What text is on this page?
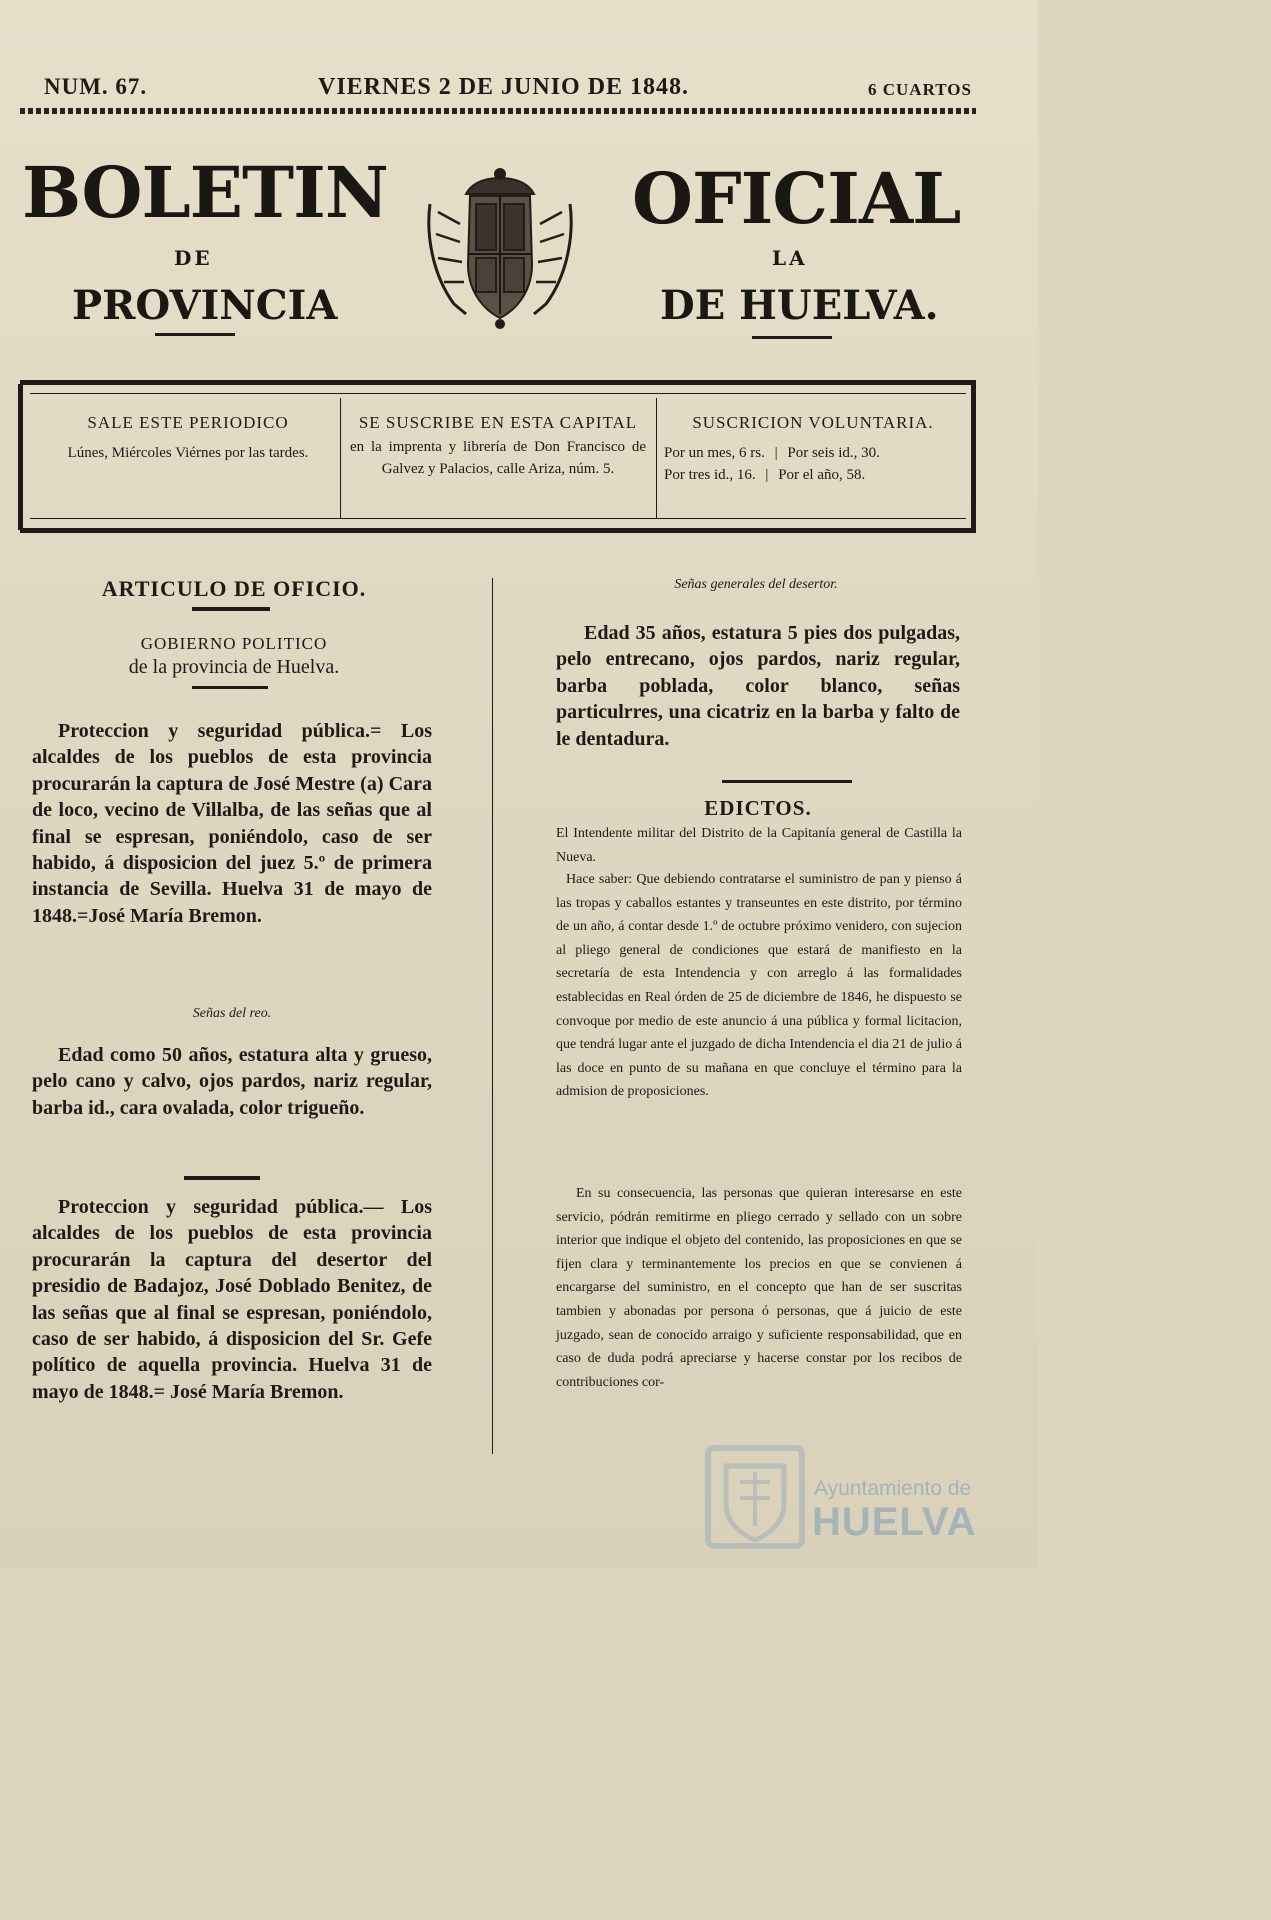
NUM. 67.	VIERNES 2 DE JUNIO DE 1848.	6 CUARTOS
BOLETIN	OFICIAL
DE	LA
PROVINCIA	DE HUELVA.
SALE ESTE PERIODICO
Lúnes, Miércoles Viérnes por las tardes.
SE SUSCRIBE EN ESTA CAPITAL
en la imprenta y librería de Don Francisco de Galvez y Palacios, calle Ariza, núm. 5.
SUSCRICION VOLUNTARIA.
Por un mes, 6 rs. | Por seis id., 30.
Por tres id., 16. | Por el año, 58.
ARTICULO DE OFICIO.
GOBIERNO POLITICO
de la provincia de Huelva.
Proteccion y seguridad pública.= Los alcaldes de los pueblos de esta provincia procurarán la captura de José Mestre (a) Cara de loco, vecino de Villalba, de las señas que al final se espresan, poniéndolo, caso de ser habido, á disposicion del juez 5.º de primera instancia de Sevilla. Huelva 31 de mayo de 1848.=José María Bremon.
Señas del reo.
Edad como 50 años, estatura alta y grueso, pelo cano y calvo, ojos pardos, nariz regular, barba id., cara ovalada, color trigueño.
Proteccion y seguridad pública.— Los alcaldes de los pueblos de esta provincia procurarán la captura del desertor del presidio de Badajoz, José Doblado Benitez, de las señas que al final se espresan, poniéndolo, caso de ser habido, á disposicion del Sr. Gefe político de aquella provincia. Huelva 31 de mayo de 1848.= José María Bremon.
Señas generales del desertor.
Edad 35 años, estatura 5 pies dos pulgadas, pelo entrecano, ojos pardos, nariz regular, barba poblada, color blanco, señas particulrres, una cicatriz en la barba y falto de le dentadura.
EDICTOS.
El Intendente militar del Distrito de la Capitanía general de Castilla la Nueva.
Hace saber: Que debiendo contratarse el suministro de pan y pienso á las tropas y caballos estantes y transeuntes en este distrito, por término de un año, á contar desde 1.º de octubre próximo venidero, con sujecion al pliego general de condiciones que estará de manifiesto en la secretaría de esta Intendencia y con arreglo á las formalidades establecidas en Real órden de 25 de diciembre de 1846, he dispuesto se convoque por medio de este anuncio á una pública y formal licitacion, que tendrá lugar ante el juzgado de dicha Intendencia el dia 21 de julio á las doce en punto de su mañana en que concluye el término para la admision de proposiciones.
En su consecuencia, las personas que quieran interesarse en este servicio, pódrán remitirme en pliego cerrado y sellado con un sobre interior que indique el objeto del contenido, las proposiciones en que se fijen clara y terminantemente los precios en que se convienen á encargarse del suministro, en el concepto que han de ser suscritas tambien y abonadas por persona ó personas, que á juicio de este juzgado, sean de conocido arraigo y suficiente responsabilidad, que en caso de duda podrá apreciarse y hacerse constar por los recibos de contribuciones cor-
Ayuntamiento de
HUELVA
